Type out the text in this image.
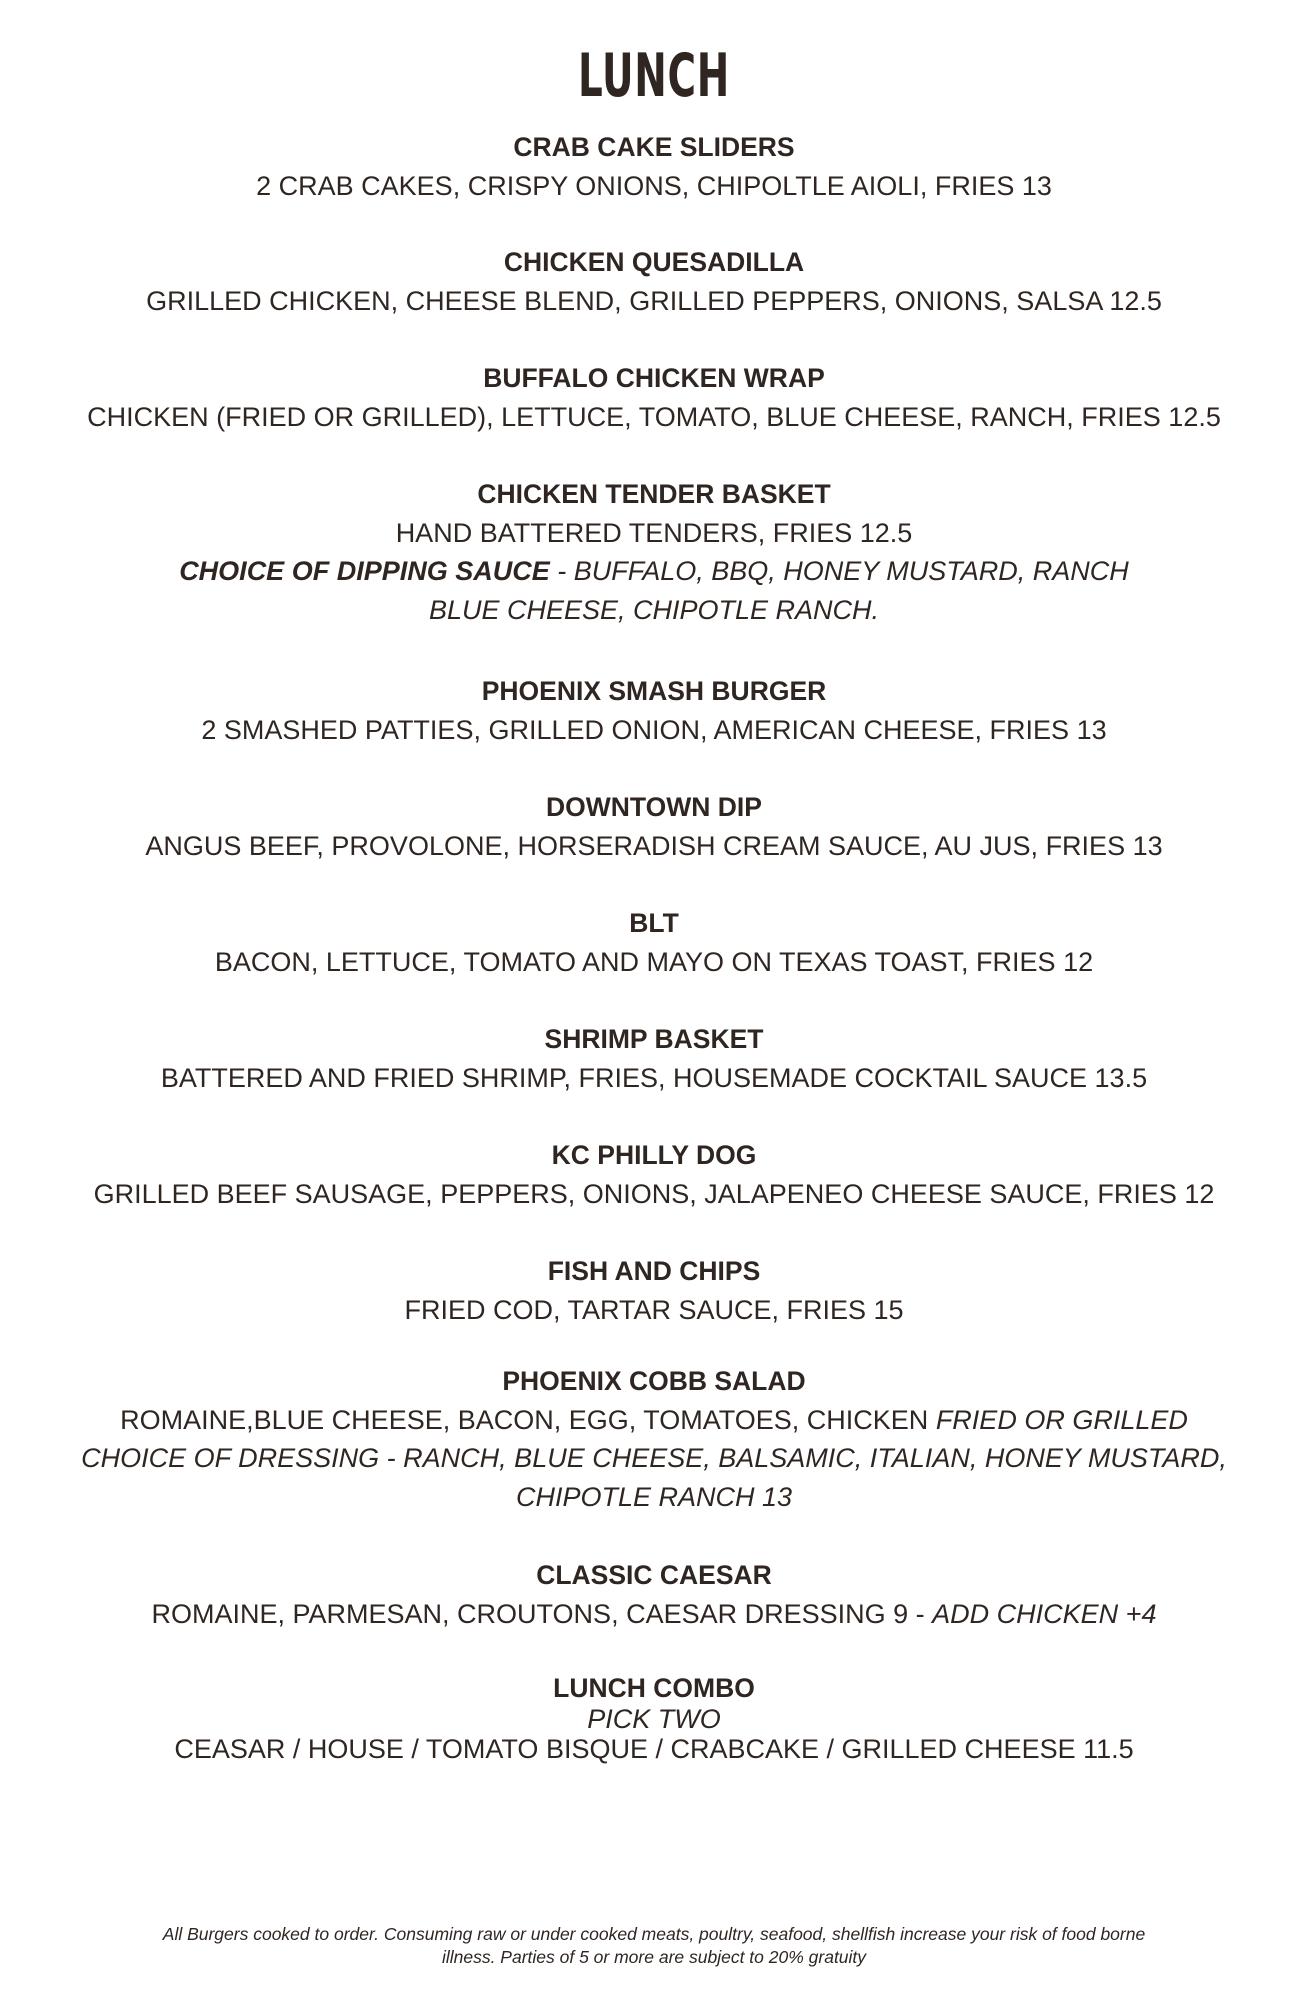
LUNCH
CRAB CAKE SLIDERS
2 CRAB CAKES, CRISPY ONIONS, CHIPOLTLE AIOLI, FRIES 13
CHICKEN QUESADILLA
GRILLED CHICKEN, CHEESE BLEND, GRILLED PEPPERS, ONIONS, SALSA 12.5
BUFFALO CHICKEN WRAP
CHICKEN (FRIED OR GRILLED), LETTUCE, TOMATO, BLUE CHEESE, RANCH, FRIES 12.5
CHICKEN TENDER BASKET
HAND BATTERED TENDERS, FRIES 12.5
CHOICE OF DIPPING SAUCE - BUFFALO, BBQ, HONEY MUSTARD, RANCH
BLUE CHEESE, CHIPOTLE RANCH.
PHOENIX SMASH BURGER
2 SMASHED PATTIES, GRILLED ONION, AMERICAN CHEESE, FRIES 13
DOWNTOWN DIP
ANGUS BEEF, PROVOLONE, HORSERADISH CREAM SAUCE, AU JUS, FRIES 13
BLT
BACON, LETTUCE, TOMATO AND MAYO ON TEXAS TOAST, FRIES 12
SHRIMP BASKET
BATTERED AND FRIED SHRIMP, FRIES, HOUSEMADE COCKTAIL SAUCE 13.5
KC PHILLY DOG
GRILLED BEEF SAUSAGE, PEPPERS, ONIONS, JALAPENEO CHEESE SAUCE, FRIES 12
FISH AND CHIPS
FRIED COD, TARTAR SAUCE, FRIES 15
PHOENIX COBB SALAD
ROMAINE,BLUE CHEESE, BACON, EGG, TOMATOES, CHICKEN FRIED OR GRILLED
CHOICE OF DRESSING - RANCH, BLUE CHEESE, BALSAMIC, ITALIAN, HONEY MUSTARD,
CHIPOTLE RANCH 13
CLASSIC CAESAR
ROMAINE, PARMESAN, CROUTONS, CAESAR DRESSING 9 - ADD CHICKEN +4
LUNCH COMBO
PICK TWO
CEASAR / HOUSE / TOMATO BISQUE / CRABCAKE / GRILLED CHEESE 11.5
All Burgers cooked to order. Consuming raw or under cooked meats, poultry, seafood, shellfish increase your risk of food borne
illness. Parties of 5 or more are subject to 20% gratuity
